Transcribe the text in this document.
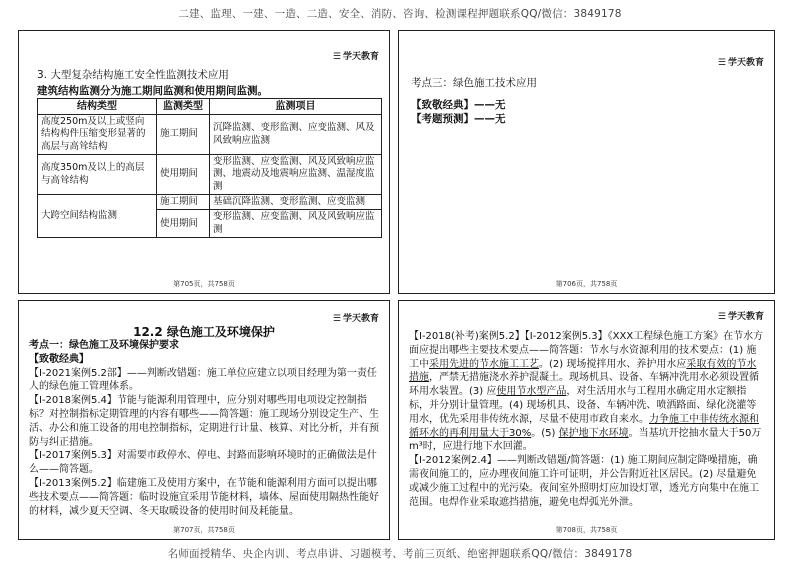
二建、监理、一建、一造、二造、安全、消防、咨询、检测课程押题联系QQ/微信：3849178
☰ 学天教育
3. 大型复杂结构施工安全性监测技术应用
建筑结构监测分为施工期间监测和使用期间监测。
结构类型	监测类型	监测项目
高度250m及以上或竖向结构构件压缩变形显著的高层与高耸结构	施工期间	沉降监测、变形监测、应变监测、风及风致响应监测
高度350m及以上的高层与高耸结构	使用期间	变形监测、应变监测、风及风致响应监测、地震动及地震响应监测、温湿度监测
大跨空间结构监测	施工期间	基础沉降监测、变形监测、应变监测
	使用期间	变形监测、应变监测、风及风致响应监测
第705页，共758页
☰ 学天教育
考点三：绿色施工技术应用
【致敬经典】——无
【考题预测】——无
第706页，共758页
☰ 学天教育
12.2 绿色施工及环境保护

考点一：绿色施工及环境保护要求

【致敬经典】

【Ⅰ-2021案例5.2部】——判断改错题：施工单位应建立以项目经理为第一责任人的绿色施工管理体系。

【Ⅰ-2018案例5.4】节能与能源利用管理中，应分别对哪些用电项设定控制指标？对控制指标定期管理的内容有哪些——简答题：施工现场分别设定生产、生活、办公和施工设备的用电控制指标，定期进行计量、核算、对比分析，并有预防与纠正措施。

【Ⅰ-2017案例5.3】对需要市政停水、停电、封路而影响环境时的正确做法是什么——简答题。

【Ⅰ-2013案例5.2】临建施工及使用方案中，在节能和能源利用方面可以提出哪些技术要点——简答题：临时设施宜采用节能材料，墙体、屋面使用隔热性能好的材料，减少夏天空调、冬天取暖设备的使用时间及耗能量。

第707页，共758页
☰ 学天教育

【Ⅰ-2018(补考)案例5.2】【Ⅰ-2012案例5.3】《XXX工程绿色施工方案》在节水方面应提出哪些主要技术要点——简答题：节水与水资源利用的技术要点：(1) 施工中采用先进的节水施工工艺。(2) 现场搅拌用水、养护用水应采取有效的节水措施，严禁无措施浇水养护混凝土。现场机具、设备、车辆冲洗用水必须设置循环用水装置。(3) 应使用节水型产品，对生活用水与工程用水确定用水定额指标，并分别计量管理。(4) 现场机具、设备、车辆冲洗、喷洒路面、绿化浇灌等用水，优先采用非传统水源，尽量不使用市政自来水。力争施工中非传统水源和循环水的再利用量大于30%。(5) 保护地下水环境。当基坑开挖抽水量大于50万m³时，应进行地下水回灌。

【Ⅰ-2012案例2.4】——判断改错题/简答题：(1) 施工期间应制定降噪措施，确需夜间施工的，应办理夜间施工许可证明，并公告附近社区居民。(2) 尽量避免或减少施工过程中的光污染。夜间室外照明灯应加设灯罩，透光方向集中在施工范围。电焊作业采取遮挡措施，避免电焊弧光外泄。

第708页，共758页
名师面授精华、央企内训、考点串讲、习题模考、考前三页纸、绝密押题联系QQ/微信：3849178
